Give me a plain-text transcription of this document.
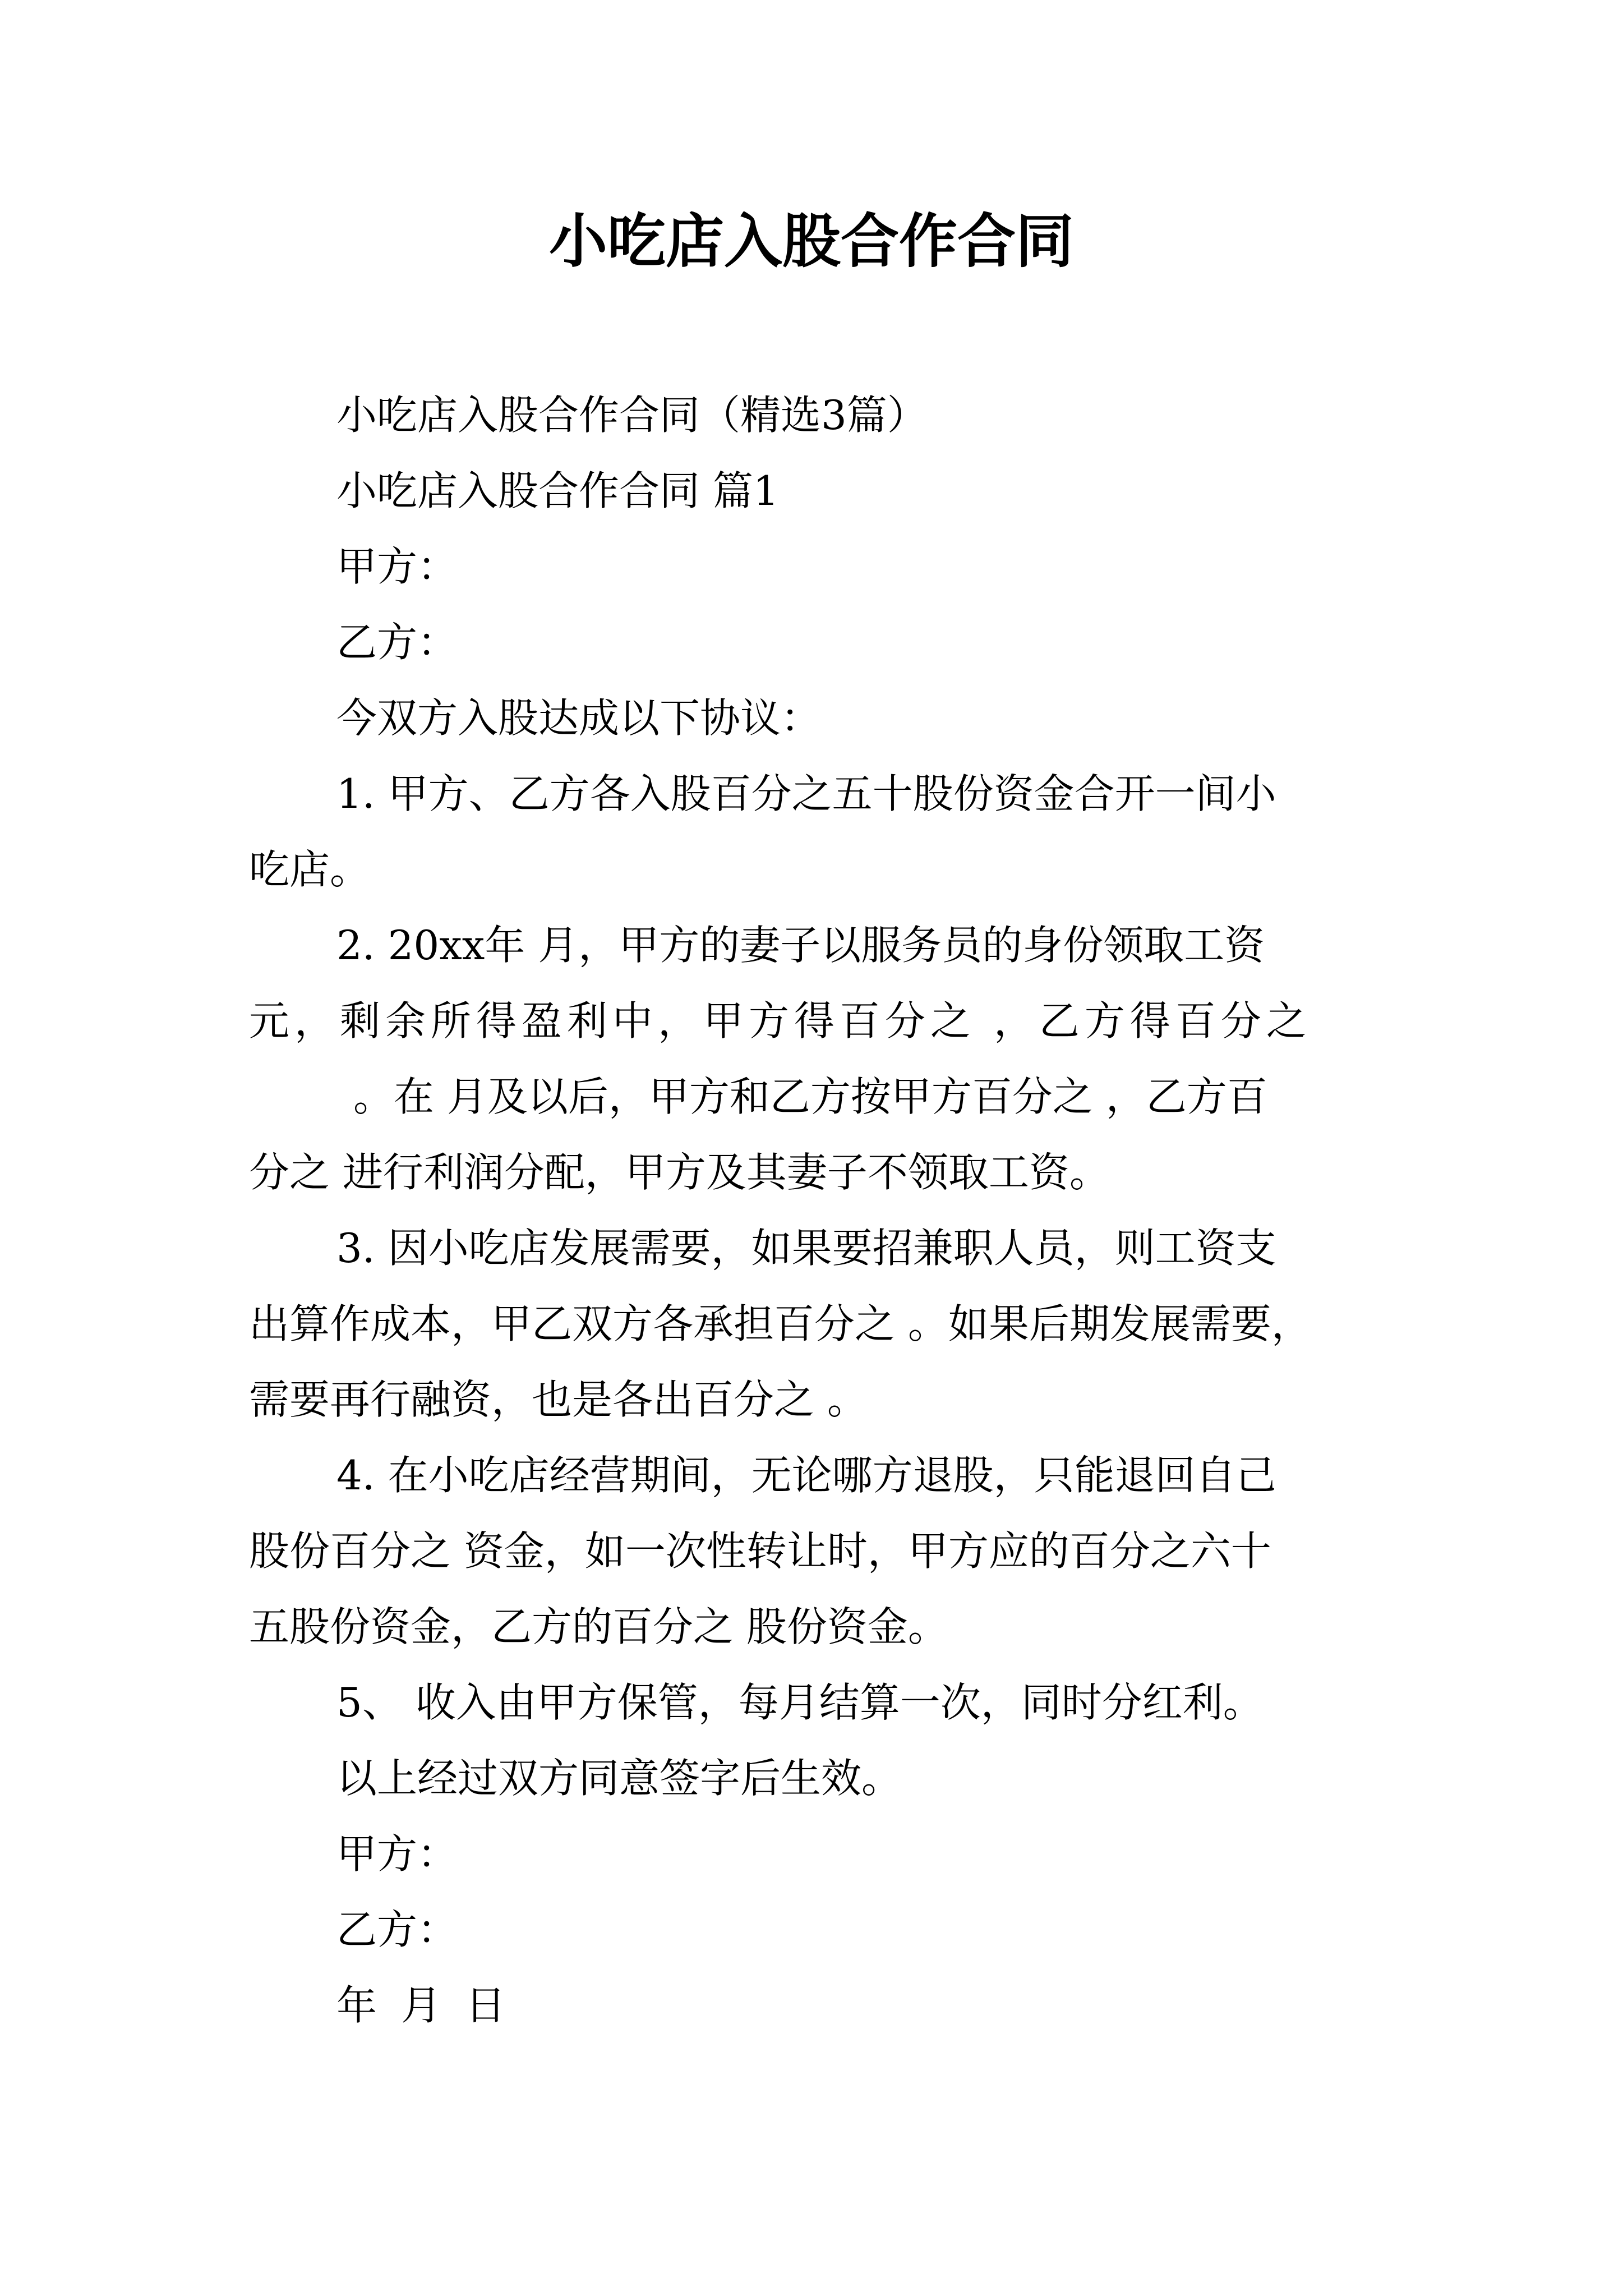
小吃店入股合作合同
小吃店入股合作合同（精选3篇）
小吃店入股合作合同 篇1
甲方：
乙方：
今双方入股达成以下协议：
1. 甲方、乙方各入股百分之五十股份资金合开一间小
吃店。
2. 20xx年 月，甲方的妻子以服务员的身份领取工资
元，剩余所得盈利中，甲方得百分之 ，乙方得百分之
。在 月及以后，甲方和乙方按甲方百分之 ，乙方百
分之 进行利润分配，甲方及其妻子不领取工资。
3. 因小吃店发展需要，如果要招兼职人员，则工资支
出算作成本，甲乙双方各承担百分之 。如果后期发展需要，
需要再行融资，也是各出百分之 。
4. 在小吃店经营期间，无论哪方退股，只能退回自己
股份百分之 资金，如一次性转让时，甲方应的百分之六十
五股份资金，乙方的百分之 股份资金。
5、 收入由甲方保管，每月结算一次，同时分红利。
以上经过双方同意签字后生效。
甲方：
乙方：
年 月 日
